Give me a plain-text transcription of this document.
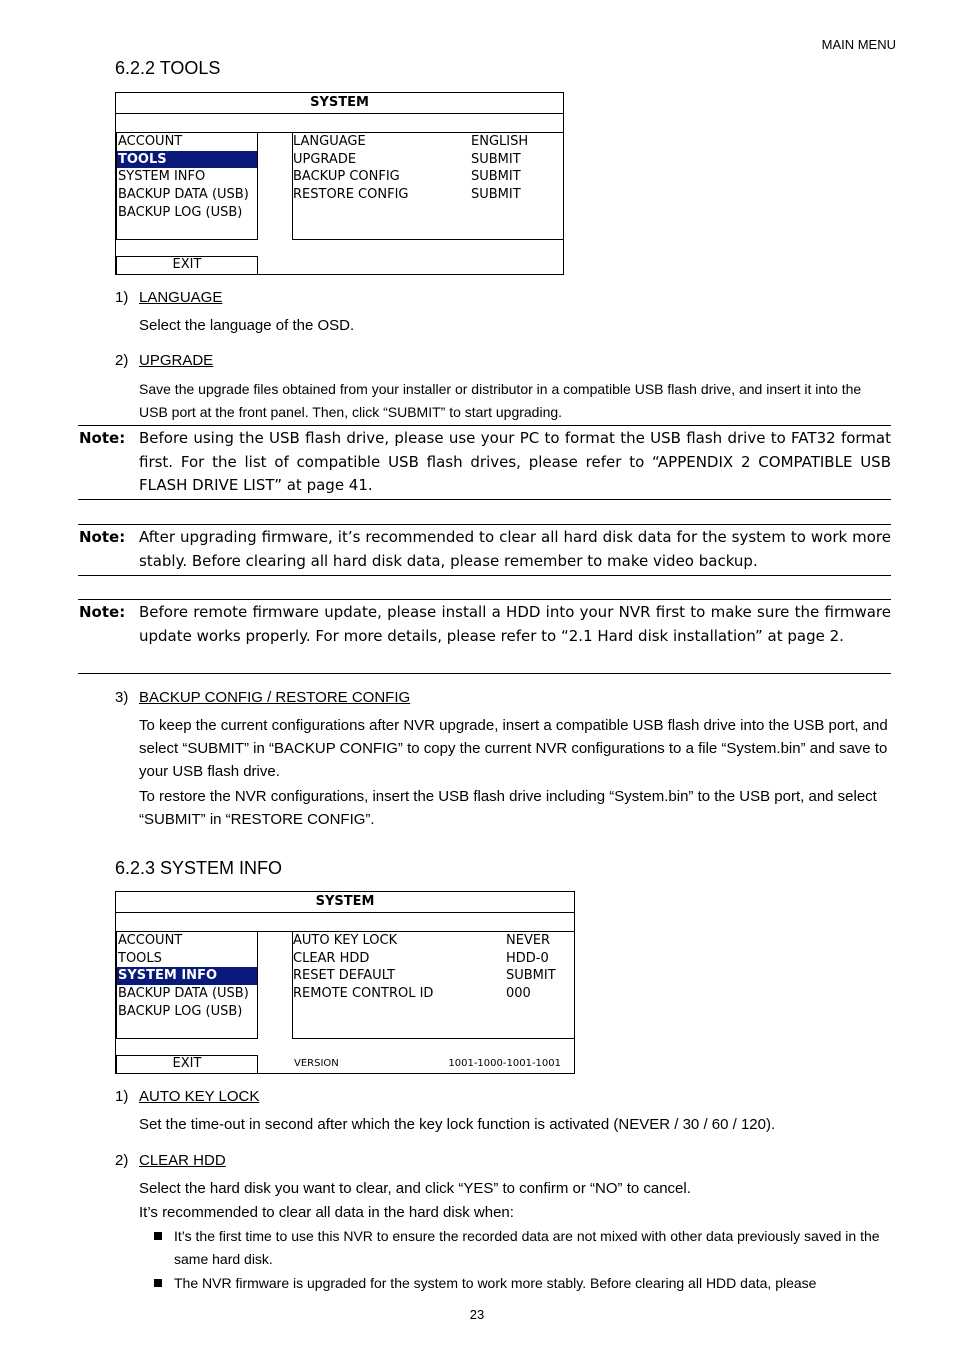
MAIN MENU
6.2.2 TOOLS
SYSTEM
ACCOUNT
TOOLS
SYSTEM INFO
BACKUP DATA (USB)
BACKUP LOG (USB)
LANGUAGE	ENGLISH
UPGRADE	SUBMIT
BACKUP CONFIG	SUBMIT
RESTORE CONFIG	SUBMIT
EXIT
1) LANGUAGE
Select the language of the OSD.
2) UPGRADE
Save the upgrade files obtained from your installer or distributor in a compatible USB flash drive, and insert it into the USB port at the front panel. Then, click “SUBMIT” to start upgrading.
Note: Before using the USB flash drive, please use your PC to format the USB flash drive to FAT32 format first. For the list of compatible USB flash drives, please refer to “APPENDIX 2 COMPATIBLE USB FLASH DRIVE LIST” at page 41.
Note: After upgrading firmware, it’s recommended to clear all hard disk data for the system to work more stably. Before clearing all hard disk data, please remember to make video backup.
Note: Before remote firmware update, please install a HDD into your NVR first to make sure the firmware update works properly. For more details, please refer to “2.1 Hard disk installation” at page 2.
3) BACKUP CONFIG / RESTORE CONFIG
To keep the current configurations after NVR upgrade, insert a compatible USB flash drive into the USB port, and select “SUBMIT” in “BACKUP CONFIG” to copy the current NVR configurations to a file “System.bin” and save to your USB flash drive.
To restore the NVR configurations, insert the USB flash drive including “System.bin” to the USB port, and select “SUBMIT” in “RESTORE CONFIG”.
6.2.3 SYSTEM INFO
SYSTEM
ACCOUNT
TOOLS
SYSTEM INFO
BACKUP DATA (USB)
BACKUP LOG (USB)
AUTO KEY LOCK	NEVER
CLEAR HDD	HDD-0
RESET DEFAULT	SUBMIT
REMOTE CONTROL ID	000
EXIT	VERSION	1001-1000-1001-1001
1) AUTO KEY LOCK
Set the time-out in second after which the key lock function is activated (NEVER / 30 / 60 / 120).
2) CLEAR HDD
Select the hard disk you want to clear, and click “YES” to confirm or “NO” to cancel.
It’s recommended to clear all data in the hard disk when:
It’s the first time to use this NVR to ensure the recorded data are not mixed with other data previously saved in the same hard disk.
The NVR firmware is upgraded for the system to work more stably. Before clearing all HDD data, please
23
